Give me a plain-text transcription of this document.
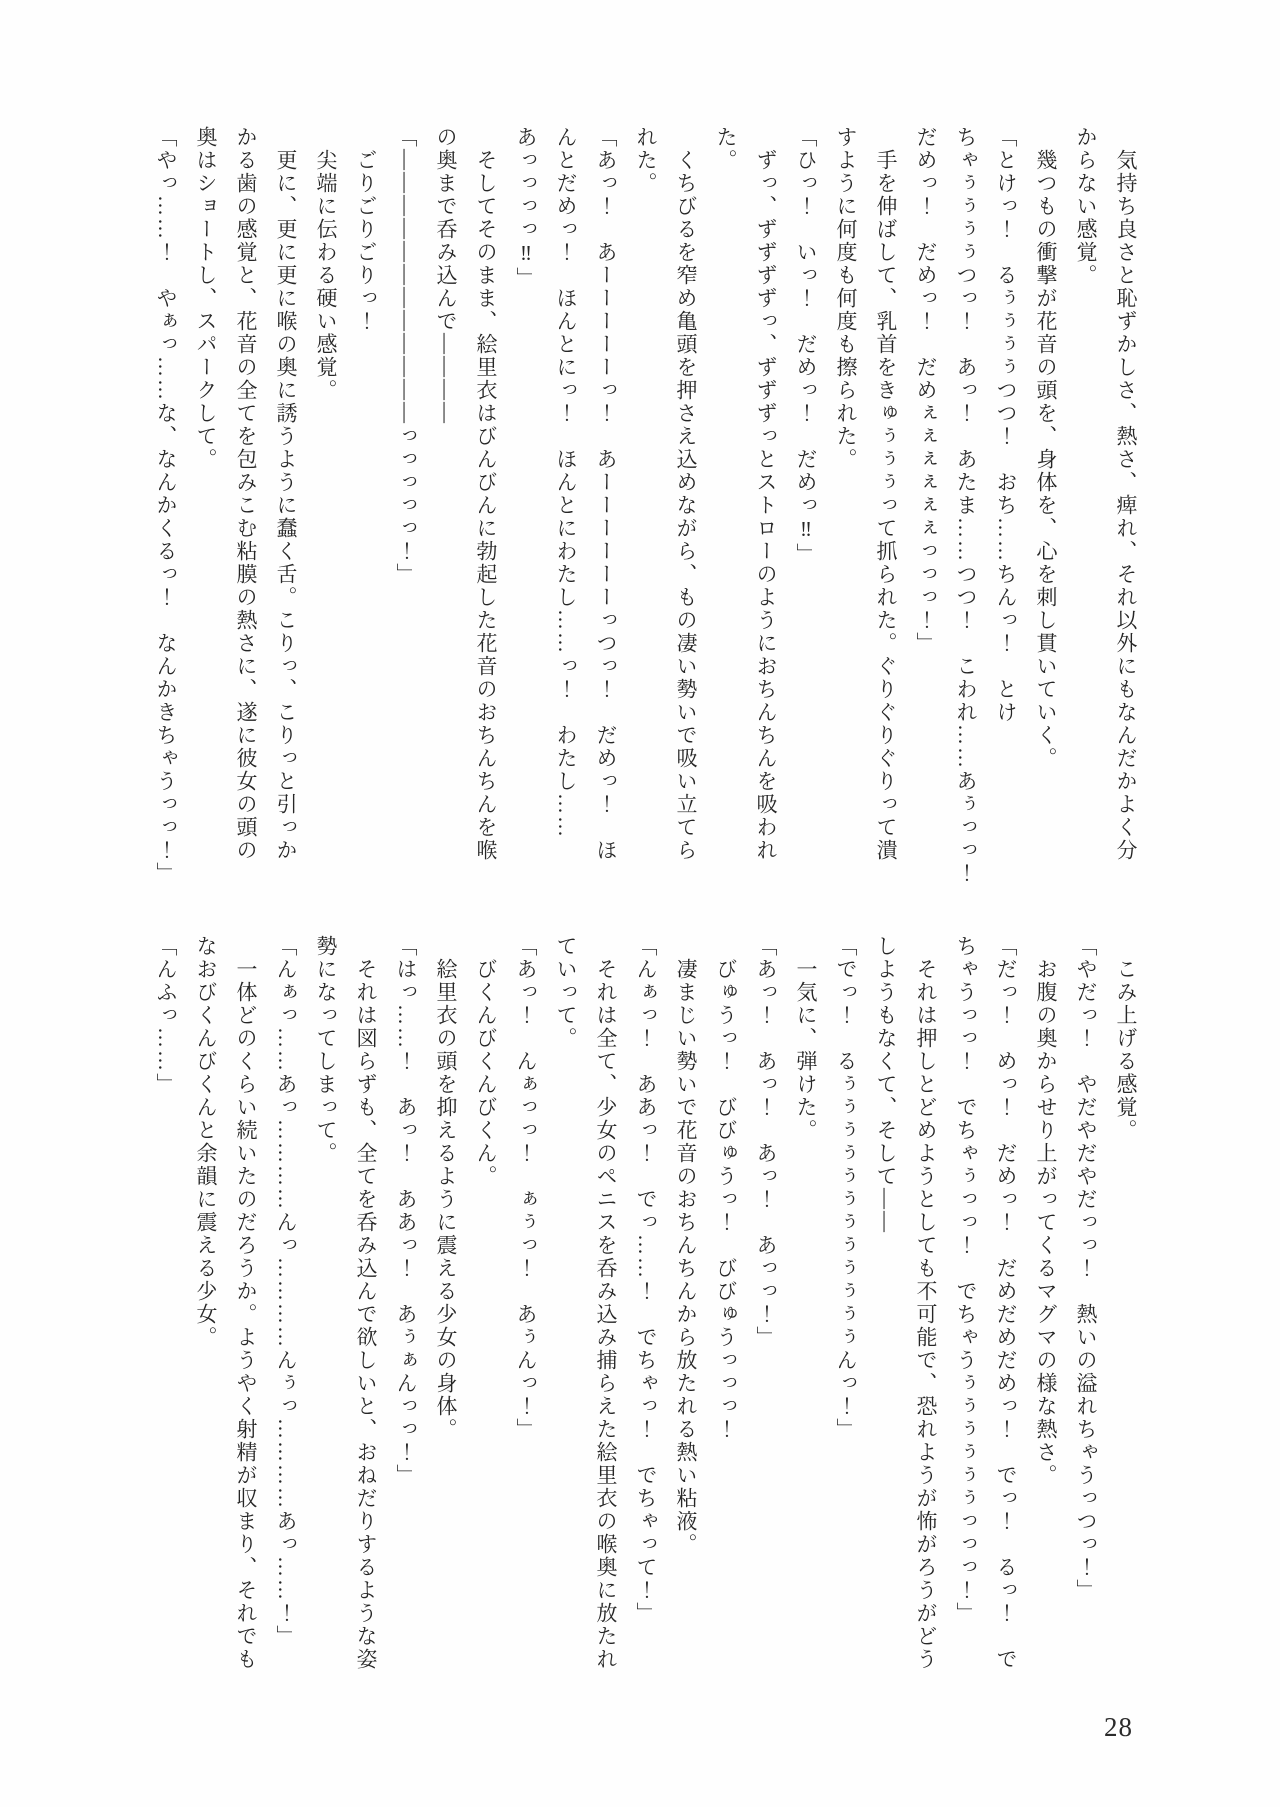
　気持ち良さと恥ずかしさ、熱さ、痺れ、それ以外にもなんだかよく分
からない感覚。
　幾つもの衝撃が花音の頭を、身体を、心を刺し貫いていく。
「とけっ！　るぅぅぅぅつつ！　おち……ちんっ！　とけ
ちゃぅぅぅぅつっ！　あっ！　あたま……つつ！　こわれ……あぅっっ！
だめっ！　だめっ！　だめぇぇぇぇぇぇっっっ！」
　手を伸ばして、乳首をきゅぅぅぅって抓られた。ぐりぐりぐりって潰
すように何度も何度も擦られた。
「ひっ！　いっ！　だめっ！　だめっ‼」
　ずっ、ずずずずっ、ずずずっとストローのようにおちんちんを吸われ
た。
　くちびるを窄め亀頭を押さえ込めながら、もの凄い勢いで吸い立てら
れた。
「あっ！　あーーーーーっ！　あーーーーーーっつっ！　だめっ！　ほ
んとだめっ！　ほんとにっ！　ほんとにわたし……っ！　わたし……
あっっっっ‼」
　そしてそのまま、絵里衣はびんびんに勃起した花音のおちんちんを喉
の奥まで呑み込んで――――
「――――――――――――っっっっっ！」
　ごりごりごりっ！
　尖端に伝わる硬い感覚。
　更に、更に更に喉の奥に誘うように蠢く舌。こりっ、こりっと引っか
かる歯の感覚と、花音の全てを包みこむ粘膜の熱さに、遂に彼女の頭の
奥はショートし、スパークして。
「やっ……！　やぁっ……な、なんかくるっ！　なんかきちゃうっっ！」
　こみ上げる感覚。
「やだっ！　やだやだやだっっ！　熱いの溢れちゃうっつっ！」
　お腹の奥からせり上がってくるマグマの様な熱さ。
「だっ！　めっ！　だめっ！　だめだめだめっ！　でっ！　るっ！　で
ちゃうっっ！　でちゃぅっっ！　でちゃうぅぅぅぅぅぅっっっ！」
　それは押しとどめようとしても不可能で、恐れようが怖がろうがどう
しようもなくて、そして――
「でっ！　るぅぅぅぅぅぅぅぅぅぅぅぅんっ！」
　一気に、弾けた。
「あっ！　あっ！　あっ！　あっっ！」
　びゅうっ！　びびゅうっ！　びびゅうっっっ！
　凄まじい勢いで花音のおちんちんから放たれる熱い粘液。
「んぁっ！　ああっ！　でっ……！　でちゃっ！　でちゃって！」
　それは全て、少女のペニスを呑み込み捕らえた絵里衣の喉奥に放たれ
ていって。
「あっ！　んぁっっ！　ぁぅっ！　あぅんっ！」
　びくんびくんびくん。
　絵里衣の頭を抑えるように震える少女の身体。
「はっ……！　あっ！　ああっ！　あぅぁんっっ！」
　それは図らずも、全てを呑み込んで欲しいと、おねだりするような姿
勢になってしまって。
「んぁっ……あっ…………んっ…………んぅっ…………あっ……！」
　一体どのくらい続いたのだろうか。ようやく射精が収まり、それでも
なおびくんびくんと余韻に震える少女。
「んふっ……」
28
